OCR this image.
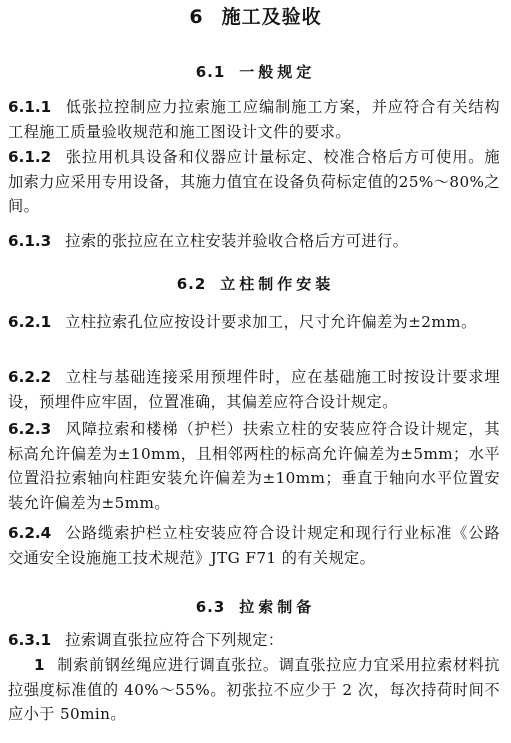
6 施工及验收
6.1 一般规定
6.1.1 低张拉控制应力拉索施工应编制施工方案，并应符合有关结构工程施工质量验收规范和施工图设计文件的要求。
6.1.2 张拉用机具设备和仪器应计量标定、校准合格后方可使用。施加索力应采用专用设备，其施力值宜在设备负荷标定值的25%～80%之间。
6.1.3 拉索的张拉应在立柱安装并验收合格后方可进行。
6.2 立柱制作安装
6.2.1 立柱拉索孔位应按设计要求加工，尺寸允许偏差为±2mm。
6.2.2 立柱与基础连接采用预埋件时，应在基础施工时按设计要求埋设，预埋件应牢固，位置准确，其偏差应符合设计规定。
6.2.3 风障拉索和楼梯（护栏）扶索立柱的安装应符合设计规定，其标高允许偏差为±10mm，且相邻两柱的标高允许偏差为±5mm；水平位置沿拉索轴向柱距安装允许偏差为±10mm；垂直于轴向水平位置安装允许偏差为±5mm。
6.2.4 公路缆索护栏立柱安装应符合设计规定和现行行业标准《公路交通安全设施施工技术规范》JTG F71 的有关规定。
6.3 拉索制备
6.3.1 拉索调直张拉应符合下列规定：
1 制索前钢丝绳应进行调直张拉。调直张拉应力宜采用拉索材料抗拉强度标准值的 40%～55%。初张拉不应少于 2 次，每次持荷时间不应小于 50min。
